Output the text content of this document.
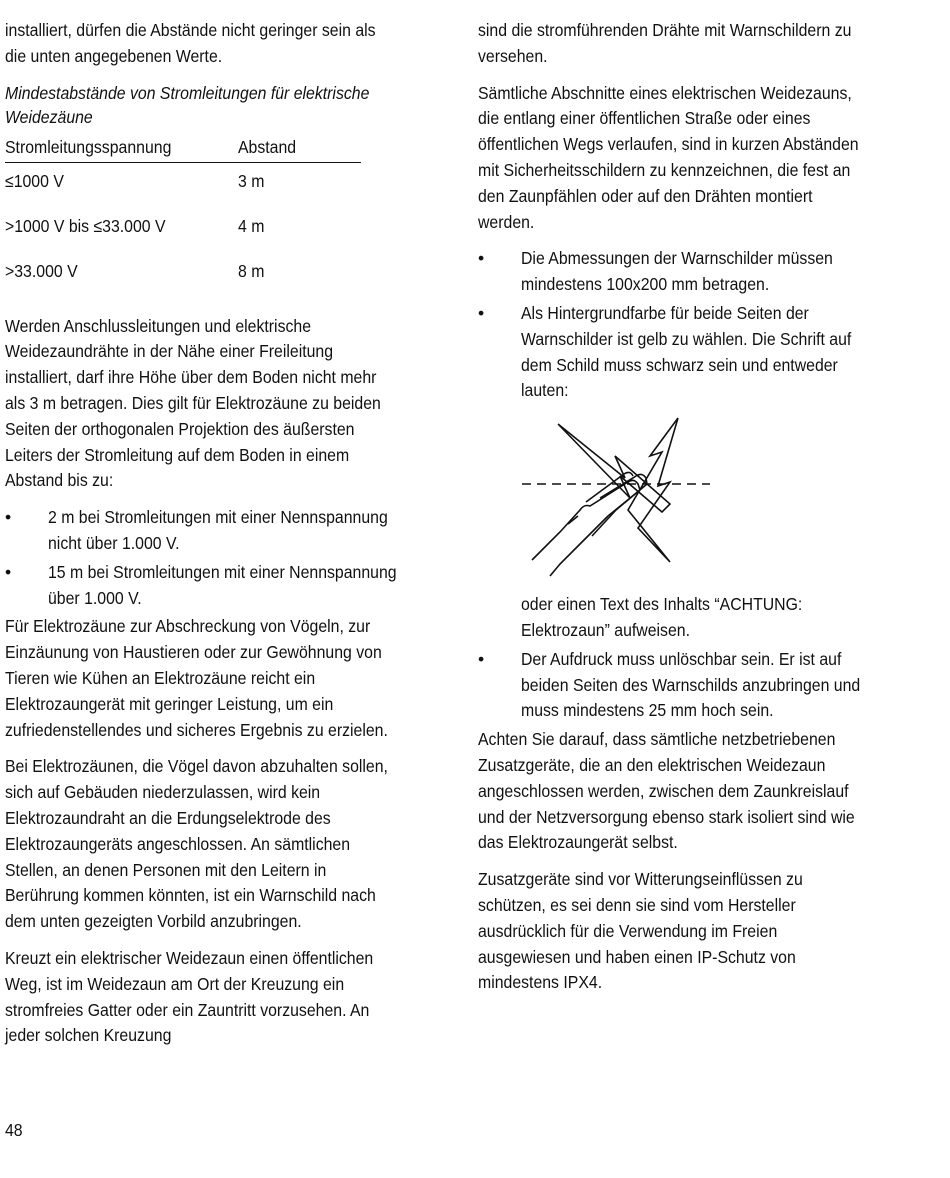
installiert, dürfen die Abstände nicht geringer sein als die unten angegebenen Werte.

Mindestabstände von Stromleitungen für elektrische Weidezäune
Stromleitungsspannung	Abstand
≤1000 V	3 m
>1000 V bis ≤33.000 V	4 m
>33.000 V	8 m

Werden Anschlussleitungen und elektrische Weidezaundrähte in der Nähe einer Freileitung installiert, darf ihre Höhe über dem Boden nicht mehr als 3 m betragen. Dies gilt für Elektrozäune zu beiden Seiten der orthogonalen Projektion des äußersten Leiters der Stromleitung auf dem Boden in einem Abstand bis zu:

• 2 m bei Stromleitungen mit einer Nennspannung nicht über 1.000 V.
• 15 m bei Stromleitungen mit einer Nennspannung über 1.000 V.

Für Elektrozäune zur Abschreckung von Vögeln, zur Einzäunung von Haustieren oder zur Gewöhnung von Tieren wie Kühen an Elektrozäune reicht ein Elektrozaungerät mit geringer Leistung, um ein zufriedenstellendes und sicheres Ergebnis zu erzielen.

Bei Elektrozäunen, die Vögel davon abzuhalten sollen, sich auf Gebäuden niederzulassen, wird kein Elektrozaundraht an die Erdungselektrode des Elektrozaungeräts angeschlossen. An sämtlichen Stellen, an denen Personen mit den Leitern in Berührung kommen könnten, ist ein Warnschild nach dem unten gezeigten Vorbild anzubringen.

Kreuzt ein elektrischer Weidezaun einen öffentlichen Weg, ist im Weidezaun am Ort der Kreuzung ein stromfreies Gatter oder ein Zauntritt vorzusehen. An jeder solchen Kreuzung

sind die stromführenden Drähte mit Warnschildern zu versehen.

Sämtliche Abschnitte eines elektrischen Weidezauns, die entlang einer öffentlichen Straße oder eines öffentlichen Wegs verlaufen, sind in kurzen Abständen mit Sicherheitsschildern zu kennzeichnen, die fest an den Zaunpfählen oder auf den Drähten montiert werden.

• Die Abmessungen der Warnschilder müssen mindestens 100x200 mm betragen.
• Als Hintergrundfarbe für beide Seiten der Warnschilder ist gelb zu wählen. Die Schrift auf dem Schild muss schwarz sein und entweder lauten:

oder einen Text des Inhalts “ACHTUNG: Elektrozaun” aufweisen.

• Der Aufdruck muss unlöschbar sein. Er ist auf beiden Seiten des Warnschilds anzubringen und muss mindestens 25 mm hoch sein.

Achten Sie darauf, dass sämtliche netzbetriebenen Zusatzgeräte, die an den elektrischen Weidezaun angeschlossen werden, zwischen dem Zaunkreislauf und der Netzversorgung ebenso stark isoliert sind wie das Elektrozaungerät selbst.

Zusatzgeräte sind vor Witterungseinflüssen zu schützen, es sei denn sie sind vom Hersteller ausdrücklich für die Verwendung im Freien ausgewiesen und haben einen IP-Schutz von mindestens IPX4.

48
